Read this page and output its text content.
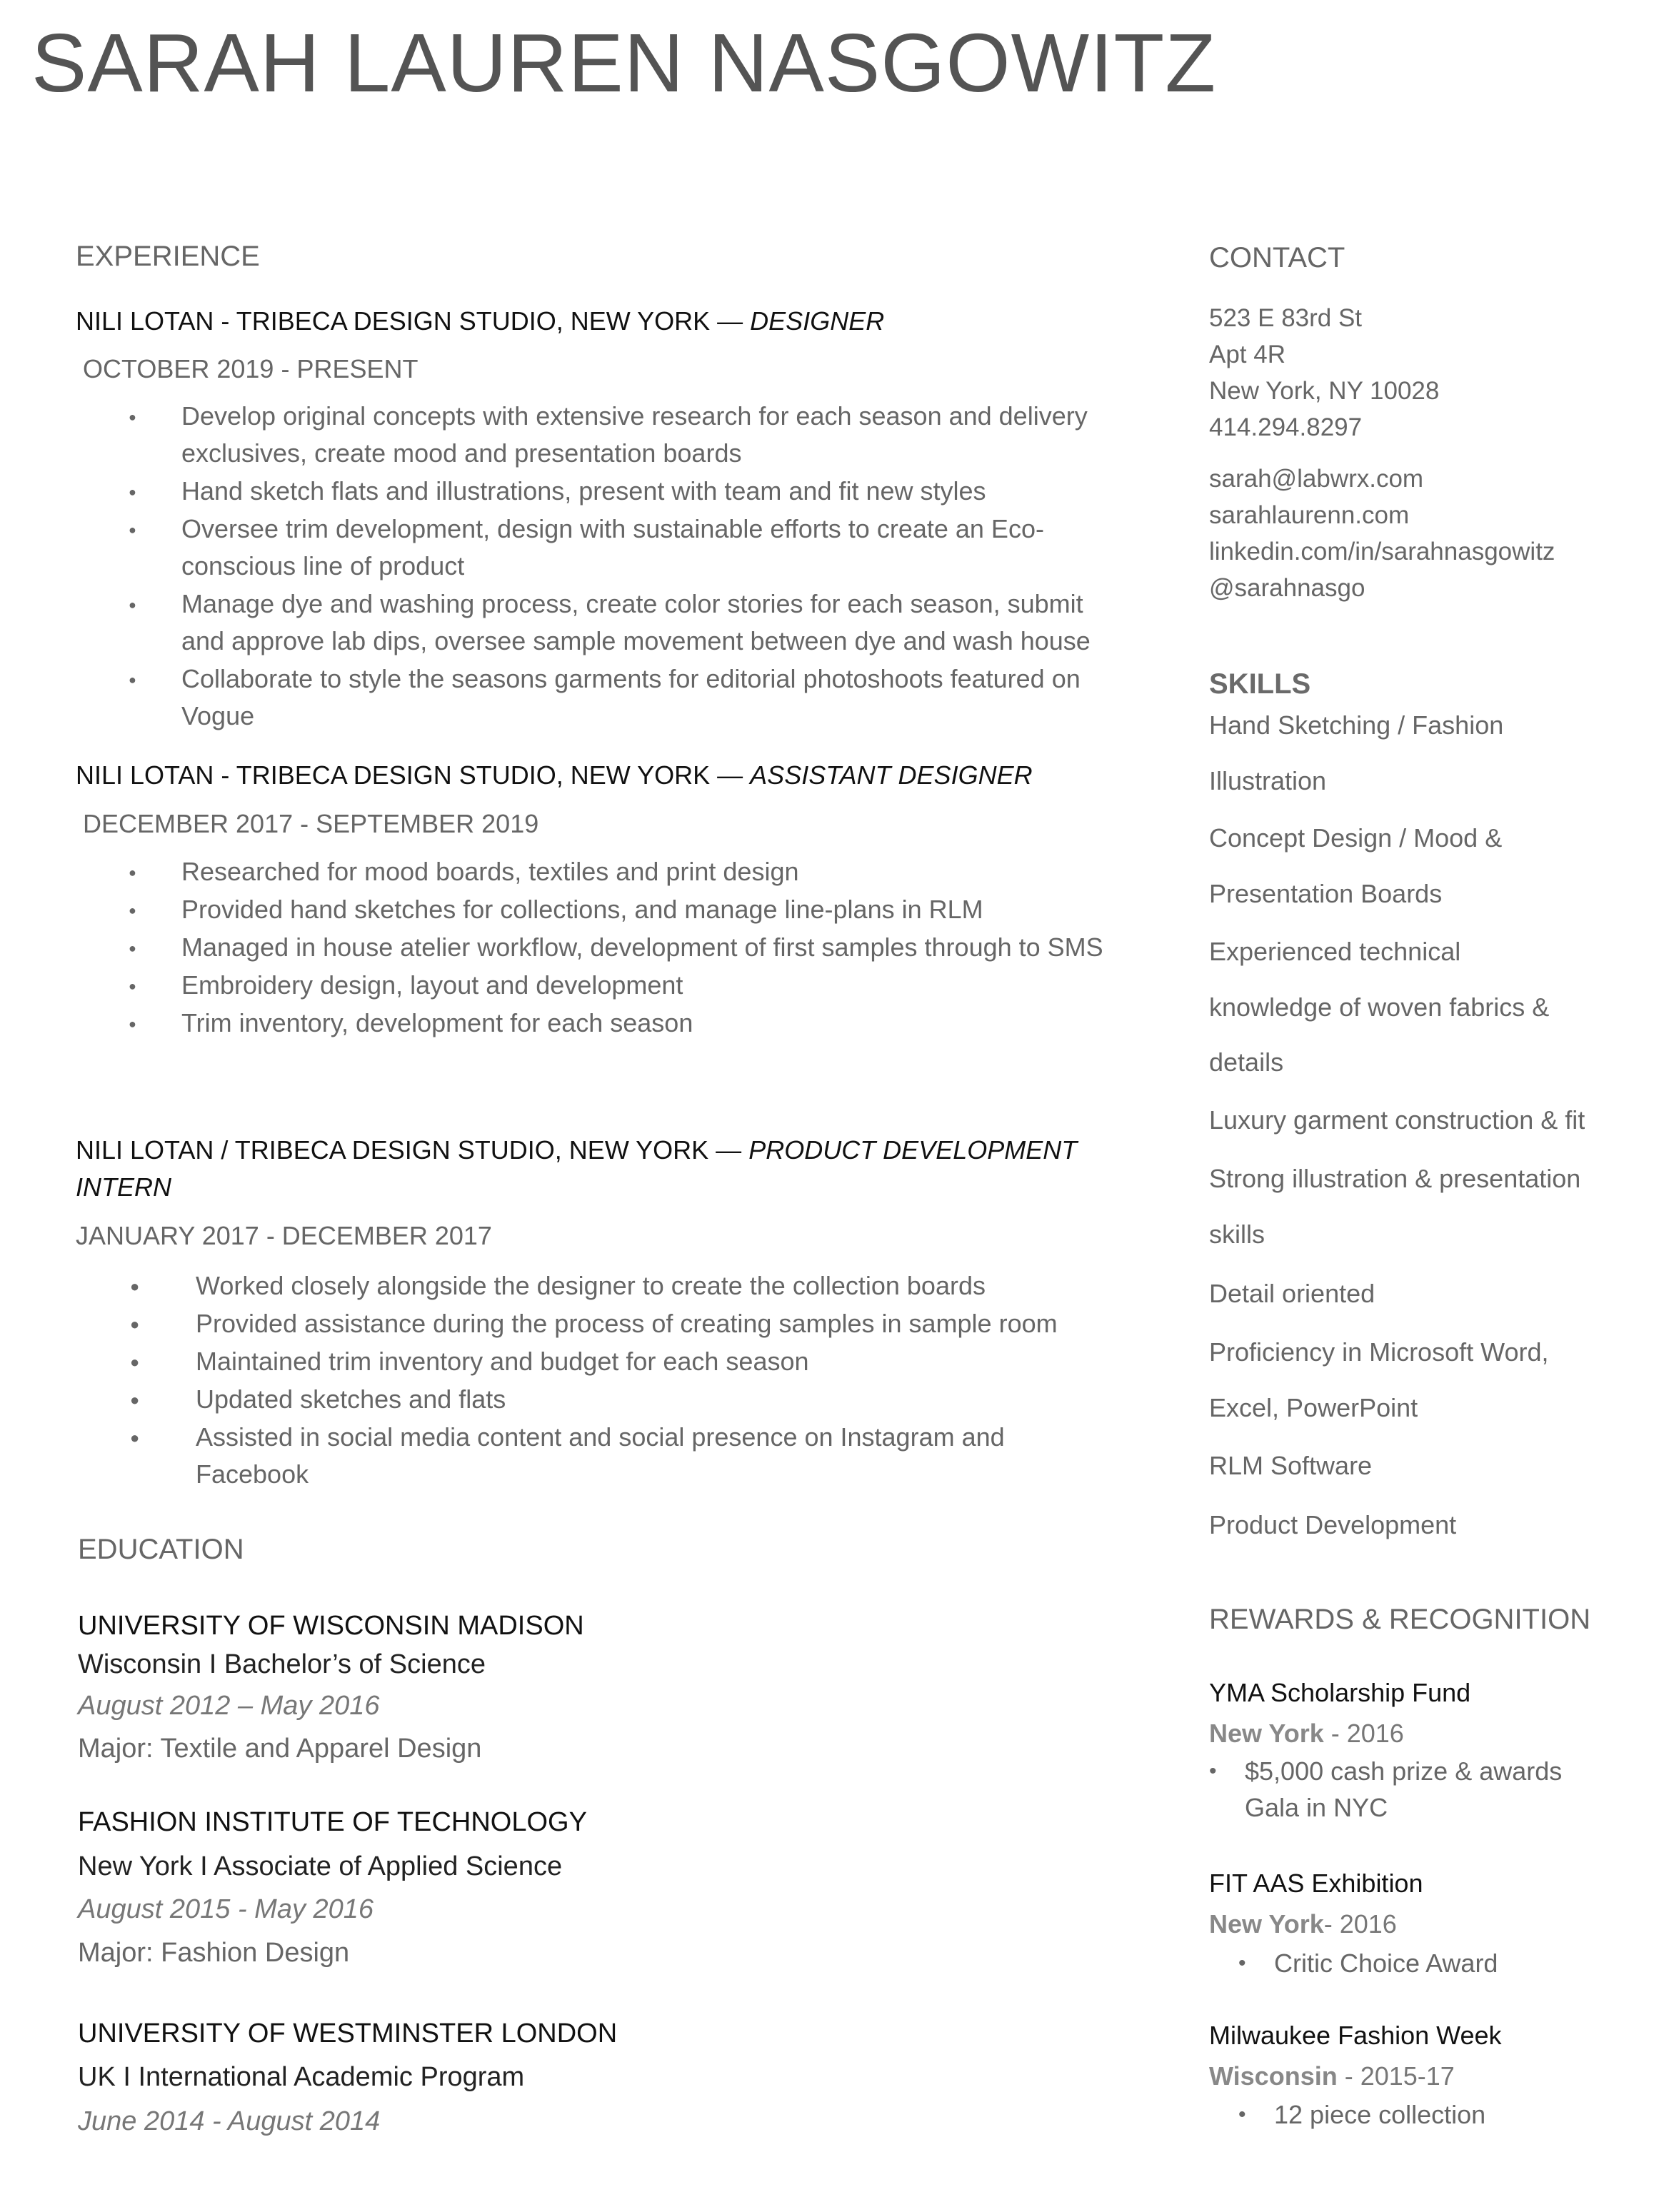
SARAH LAUREN NASGOWITZ
EXPERIENCE

NILI LOTAN - TRIBECA DESIGN STUDIO, NEW YORK — DESIGNER

OCTOBER 2019 - PRESENT

● Develop original concepts with extensive research for each season and delivery exclusives, create mood and presentation boards
● Hand sketch flats and illustrations, present with team and fit new styles
● Oversee trim development, design with sustainable efforts to create an Eco-conscious line of product
● Manage dye and washing process, create color stories for each season, submit and approve lab dips, oversee sample movement between dye and wash house
● Collaborate to style the seasons garments for editorial photoshoots featured on Vogue

NILI LOTAN - TRIBECA DESIGN STUDIO, NEW YORK — ASSISTANT DESIGNER

DECEMBER 2017 - SEPTEMBER 2019

● Researched for mood boards, textiles and print design
● Provided hand sketches for collections, and manage line-plans in RLM
● Managed in house atelier workflow, development of first samples through to SMS
● Embroidery design, layout and development
● Trim inventory, development for each season

NILI LOTAN / TRIBECA DESIGN STUDIO, NEW YORK — PRODUCT DEVELOPMENT INTERN

JANUARY 2017 - DECEMBER 2017

● Worked closely alongside the designer to create the collection boards
● Provided assistance during the process of creating samples in sample room
● Maintained trim inventory and budget for each season
● Updated sketches and flats
● Assisted in social media content and social presence on Instagram and Facebook
EDUCATION

UNIVERSITY OF WISCONSIN MADISON

Wisconsin I Bachelor’s of Science

August 2012 – May 2016

Major: Textile and Apparel Design

FASHION INSTITUTE OF TECHNOLOGY

New York I Associate of Applied Science

August 2015 - May 2016

Major: Fashion Design

UNIVERSITY OF WESTMINSTER LONDON

UK I International Academic Program

June 2014 - August 2014

CONTACT
523 E 83rd St
Apt 4R
New York, NY 10028
414.294.8297
sarah@labwrx.com
sarahlaurenn.com
linkedin.com/in/sarahnasgowitz
@sarahnasgo
SKILLS

Hand Sketching / Fashion

Illustration

Concept Design / Mood &

Presentation Boards

Experienced technical

knowledge of woven fabrics &

details

Luxury garment construction & fit

Strong illustration & presentation

skills

Detail oriented

Proficiency in Microsoft Word,

Excel, PowerPoint

RLM Software

Product Development

REWARDS & RECOGNITION

YMA Scholarship Fund

New York - 2016

• $5,000 cash prize & awards Gala in NYC

FIT AAS Exhibition

New York- 2016

• Critic Choice Award

Milwaukee Fashion Week

Wisconsin - 2015-17

• 12 piece collection
